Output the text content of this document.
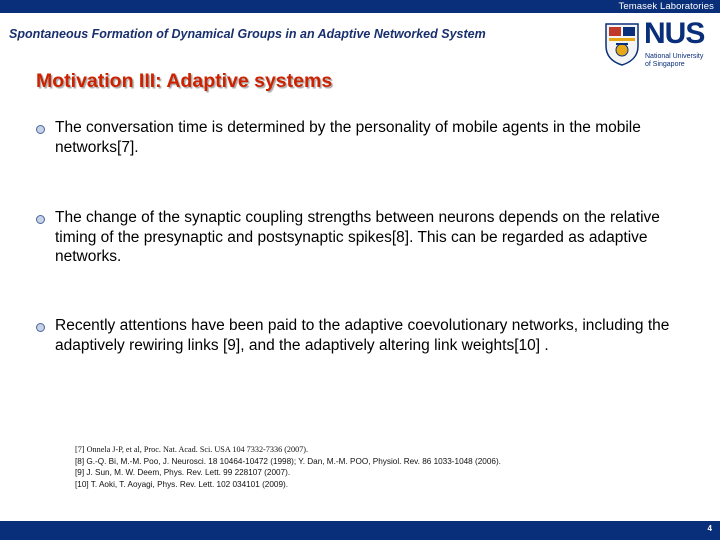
Temasek Laboratories
Spontaneous Formation of Dynamical Groups in an Adaptive Networked System	NUS
National University
of Singapore
Motivation III: Adaptive systems
The conversation time is determined by the personality of mobile agents in the mobile networks[7].
The change of the synaptic coupling strengths between neurons depends on the relative timing of the presynaptic and postsynaptic spikes[8]. This can be regarded as adaptive networks.
Recently attentions have been paid to the adaptive coevolutionary networks, including the adaptively rewiring links [9], and the adaptively altering link weights[10] .
[7] Onnela J-P, et al, Proc. Nat. Acad. Sci. USA 104 7332-7336 (2007).
[8] G.-Q. Bi, M.-M. Poo, J. Neurosci. 18 10464-10472 (1998); Y. Dan, M.-M. POO, Physiol. Rev. 86 1033-1048 (2006).
[9] J. Sun, M. W. Deem, Phys. Rev. Lett. 99 228107 (2007).
[10] T. Aoki, T. Aoyagi, Phys. Rev. Lett. 102 034101 (2009).
4
